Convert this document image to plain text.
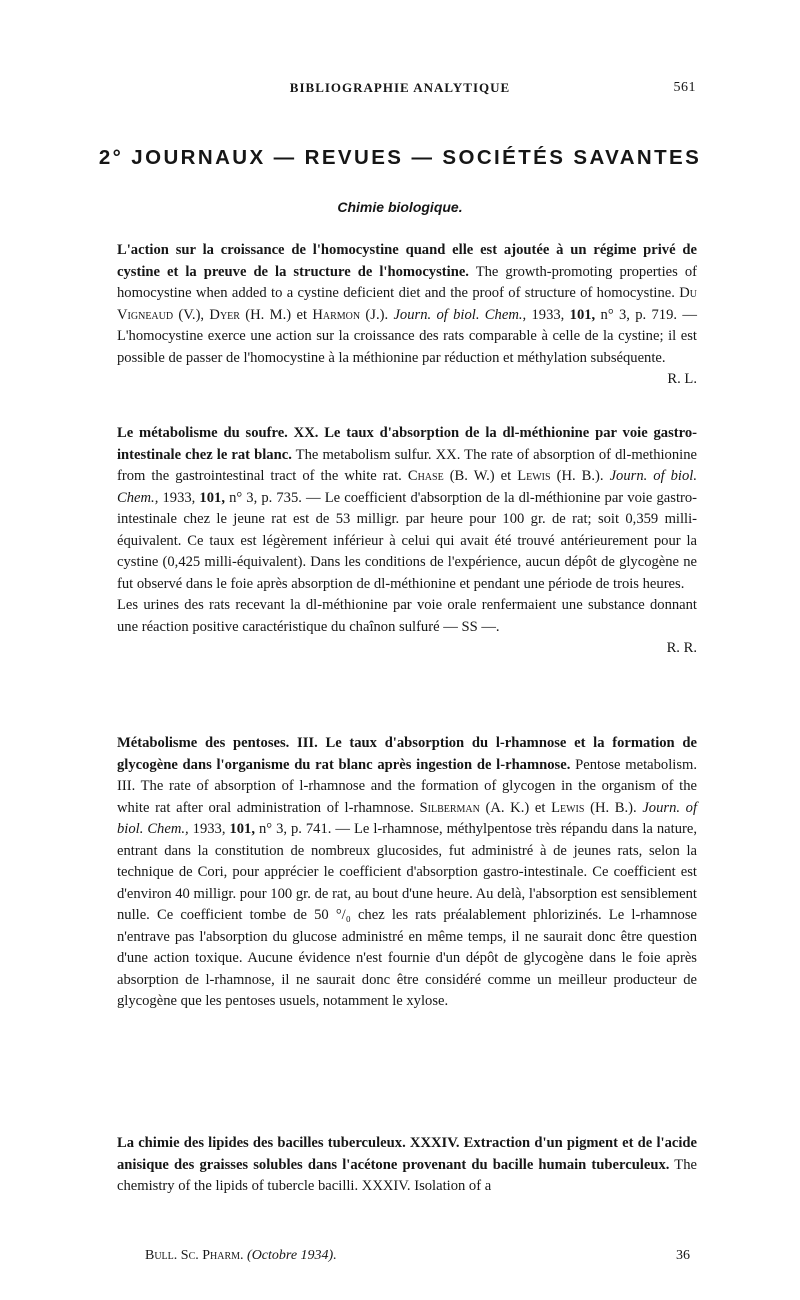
BIBLIOGRAPHIE ANALYTIQUE	561
2° JOURNAUX — REVUES — SOCIÉTÉS SAVANTES
Chimie biologique.

L'action sur la croissance de l'homocystine quand elle est ajoutée à un régime privé de cystine et la preuve de la structure de l'homocystine. The growth-promoting properties of homocystine when added to a cystine deficient diet and the proof of structure of homocystine. Du Vigneaud (V.), Dyer (H. M.) et Harmon (J.). Journ. of biol. Chem., 1933, 101, n° 3, p. 719. — L'homocystine exerce une action sur la croissance des rats comparable à celle de la cystine; il est possible de passer de l'homocystine à la méthionine par réduction et méthylation subséquente.

R. L.

Le métabolisme du soufre. XX. Le taux d'absorption de la dl-méthionine par voie gastro-intestinale chez le rat blanc. The metabolism sulfur. XX. The rate of absorption of dl-methionine from the gastrointestinal tract of the white rat. Chase (B. W.) et Lewis (H. B.). Journ. of biol. Chem., 1933, 101, n° 3, p. 735. — Le coefficient d'absorption de la dl-méthionine par voie gastro-intestinale chez le jeune rat est de 53 milligr. par heure pour 100 gr. de rat; soit 0,359 milli-équivalent. Ce taux est légèrement inférieur à celui qui avait été trouvé antérieurement pour la cystine (0,425 milli-équivalent). Dans les conditions de l'expérience, aucun dépôt de glycogène ne fut observé dans le foie après absorption de dl-méthionine et pendant une période de trois heures.

Les urines des rats recevant la dl-méthionine par voie orale renfermaient une substance donnant une réaction positive caractéristique du chaînon sulfuré — SS —.

R. R.

Métabolisme des pentoses. III. Le taux d'absorption du l-rhamnose et la formation de glycogène dans l'organisme du rat blanc après ingestion de l-rhamnose. Pentose metabolism. III. The rate of absorption of l-rhamnose and the formation of glycogen in the organism of the white rat after oral administration of l-rhamnose. Silberman (A. K.) et Lewis (H. B.). Journ. of biol. Chem., 1933, 101, n° 3, p. 741. — Le l-rhamnose, méthylpentose très répandu dans la nature, entrant dans la constitution de nombreux glucosides, fut administré à de jeunes rats, selon la technique de Cori, pour apprécier le coefficient d'absorption gastro-intestinale. Ce coefficient est d'environ 40 milligr. pour 100 gr. de rat, au bout d'une heure. Au delà, l'absorption est sensiblement nulle. Ce coefficient tombe de 50 °/₀ chez les rats préalablement phlorizinés. Le l-rhamnose n'entrave pas l'absorption du glucose administré en même temps, il ne saurait donc être question d'une action toxique. Aucune évidence n'est fournie d'un dépôt de glycogène dans le foie après absorption de l-rhamnose, il ne saurait donc être considéré comme un meilleur producteur de glycogène que les pentoses usuels, notamment le xylose.

La chimie des lipides des bacilles tuberculeux. XXXIV. Extraction d'un pigment et de l'acide anisique des graisses solubles dans l'acétone provenant du bacille humain tuberculeux. The chemistry of the lipids of tubercle bacilli. XXXIV. Isolation of a

Bull. Sc. Pharm. (Octobre 1934).	36
